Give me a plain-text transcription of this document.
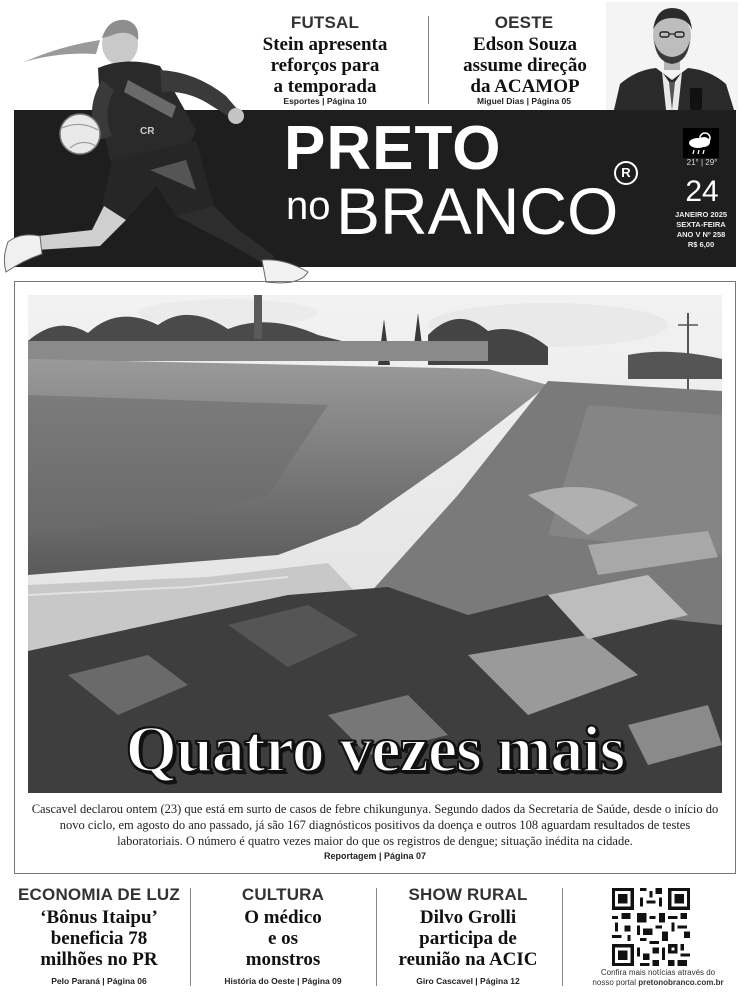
FUTSAL
Stein apresenta
reforços para
a temporada
Esportes | Página 10
OESTE
Edson Souza
assume direção
da ACAMOP
Miguel Dias | Página 05
PRETO
no BRANCO
R
21° | 29°
24
JANEIRO 2025
SEXTA-FEIRA
ANO V Nº 258
R$ 6,00
CR
Quatro vezes mais
Cascavel declarou ontem (23) que está em surto de casos de febre chikungunya. Segundo dados da Secretaria de Saúde, desde o início do novo ciclo, em agosto do ano passado, já são 167 diagnósticos positivos da doença e outros 108 aguardam resultados de testes laboratoriais. O número é quatro vezes maior do que os registros de dengue; situação inédita na cidade.
Reportagem | Página 07
ECONOMIA DE LUZ
‘Bônus Itaipu’
beneficia 78
milhões no PR
Pelo Paraná | Página 06
CULTURA
O médico
e os
monstros
História do Oeste | Página 09
SHOW RURAL
Dilvo Grolli
participa de
reunião na ACIC
Giro Cascavel | Página 12
Confira mais notícias através do
nosso portal pretonobranco.com.br
